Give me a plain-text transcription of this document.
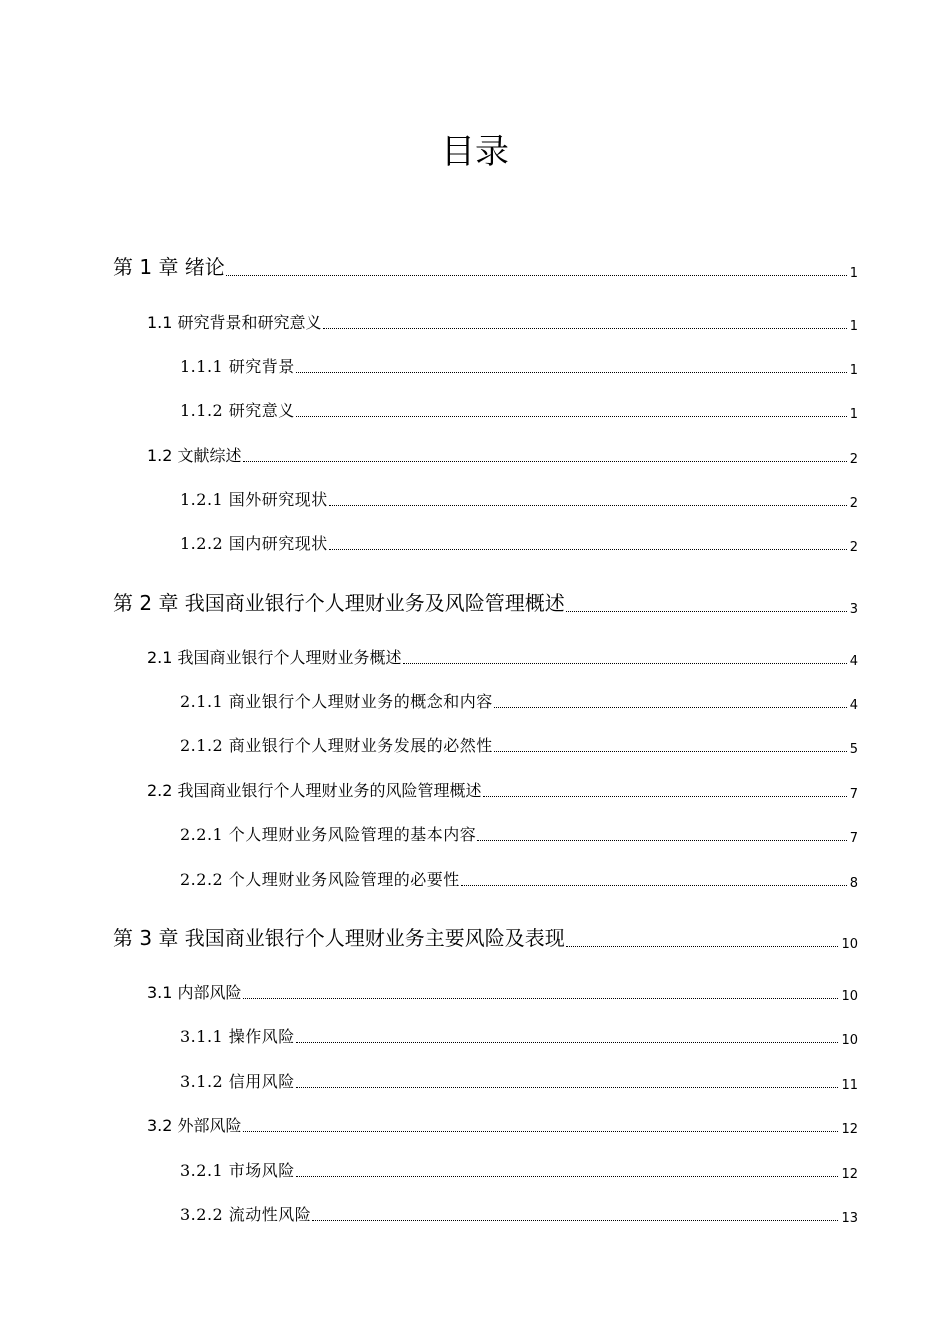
目录
第 1 章 绪论	1
1.1 研究背景和研究意义	1
1.1.1 研究背景	1
1.1.2 研究意义	1
1.2 文献综述	2
1.2.1 国外研究现状	2
1.2.2 国内研究现状	2
第 2 章 我国商业银行个人理财业务及风险管理概述	3
2.1 我国商业银行个人理财业务概述	4
2.1.1 商业银行个人理财业务的概念和内容	4
2.1.2 商业银行个人理财业务发展的必然性	5
2.2 我国商业银行个人理财业务的风险管理概述	7
2.2.1 个人理财业务风险管理的基本内容	7
2.2.2 个人理财业务风险管理的必要性	8
第 3 章 我国商业银行个人理财业务主要风险及表现	10
3.1 内部风险	10
3.1.1 操作风险	10
3.1.2 信用风险	11
3.2 外部风险	12
3.2.1 市场风险	12
3.2.2 流动性风险	13
